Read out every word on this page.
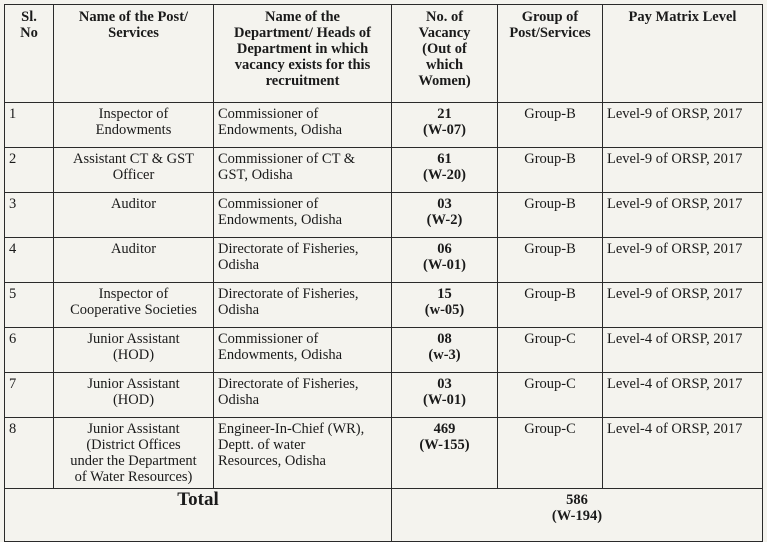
Sl.
No	Name of the Post/
Services	Name of the
Department/ Heads of
Department in which
vacancy exists for this
recruitment	No. of
Vacancy
(Out of
which
Women)	Group of
Post/Services	Pay Matrix Level

1	Inspector of
Endowments	Commissioner of
Endowments, Odisha	21
(W-07)	Group-B	Level-9 of ORSP, 2017
2	Assistant CT & GST
Officer	Commissioner of CT &
GST, Odisha	61
(W-20)	Group-B	Level-9 of ORSP, 2017
3	Auditor	Commissioner of
Endowments, Odisha	03
(W-2)	Group-B	Level-9 of ORSP, 2017
4	Auditor	Directorate of Fisheries,
Odisha	06
(W-01)	Group-B	Level-9 of ORSP, 2017
5	Inspector of
Cooperative Societies	Directorate of Fisheries,
Odisha	15
(w-05)	Group-B	Level-9 of ORSP, 2017
6	Junior Assistant
(HOD)	Commissioner of
Endowments, Odisha	08
(w-3)	Group-C	Level-4 of ORSP, 2017
7	Junior Assistant
(HOD)	Directorate of Fisheries,
Odisha	03
(W-01)	Group-C	Level-4 of ORSP, 2017
8	Junior Assistant
(District Offices
under the Department
of Water Resources)	Engineer-In-Chief (WR),
Deptt. of water
Resources, Odisha	469
(W-155)	Group-C	Level-4 of ORSP, 2017
Total			586
(W-194)		
